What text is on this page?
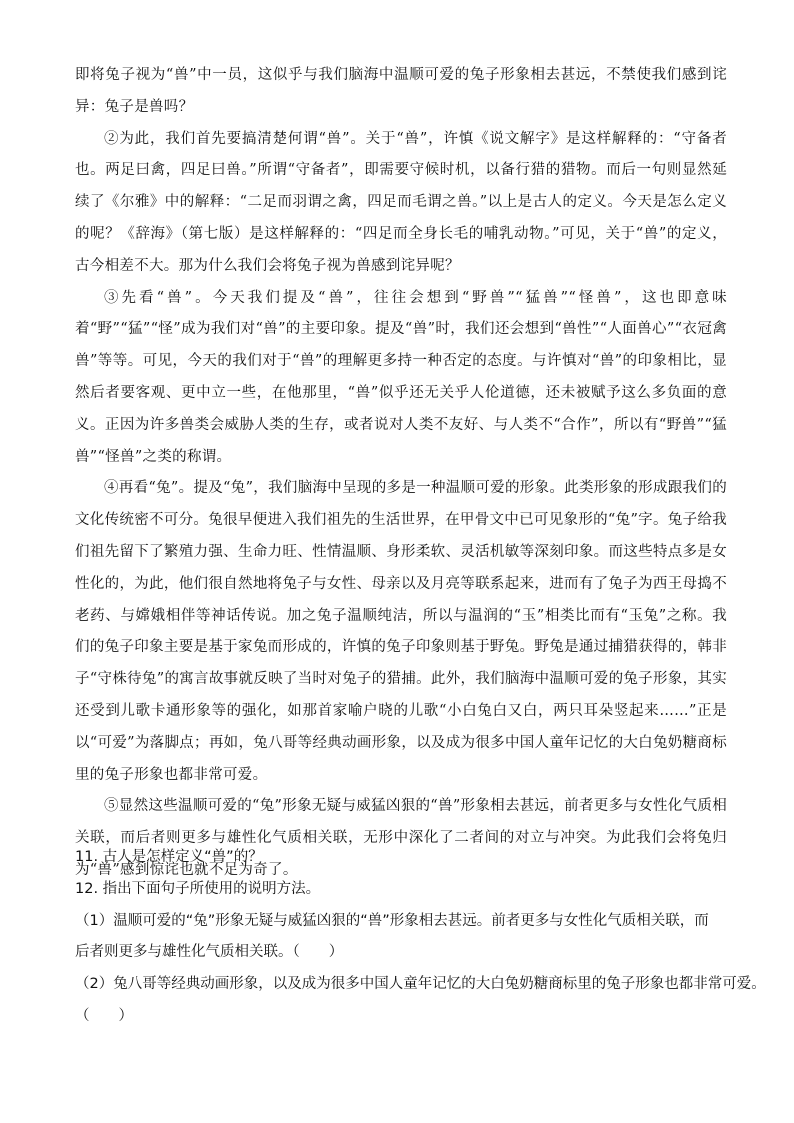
即将兔子视为“兽”中一员，这似乎与我们脑海中温顺可爱的兔子形象相去甚远，不禁使我们感到诧异：兔子是兽吗？

②为此，我们首先要搞清楚何谓“兽”。关于“兽”，许慎《说文解字》是这样解释的：“守备者也。两足曰禽，四足曰兽。”所谓“守备者”，即需要守候时机，以备行猎的猎物。而后一句则显然延续了《尔雅》中的解释：“二足而羽谓之禽，四足而毛谓之兽。”以上是古人的定义。今天是怎么定义的呢？《辞海》（第七版）是这样解释的：“四足而全身长毛的哺乳动物。”可见，关于“兽”的定义，古今相差不大。那为什么我们会将兔子视为兽感到诧异呢？

③先看“兽”。今天我们提及“兽”，往往会想到“野兽”“猛兽”“怪兽”，这也即意味着“野”“猛”“怪”成为我们对“兽”的主要印象。提及“兽”时，我们还会想到“兽性”“人面兽心”“衣冠禽兽”等等。可见，今天的我们对于“兽”的理解更多持一种否定的态度。与许慎对“兽”的印象相比，显然后者要客观、更中立一些，在他那里，“兽”似乎还无关乎人伦道德，还未被赋予这么多负面的意义。正因为许多兽类会威胁人类的生存，或者说对人类不友好、与人类不“合作”，所以有“野兽”“猛兽”“怪兽”之类的称谓。

④再看“兔”。提及“兔”，我们脑海中呈现的多是一种温顺可爱的形象。此类形象的形成跟我们的文化传统密不可分。兔很早便进入我们祖先的生活世界，在甲骨文中已可见象形的“兔”字。兔子给我们祖先留下了繁殖力强、生命力旺、性情温顺、身形柔软、灵活机敏等深刻印象。而这些特点多是女性化的，为此，他们很自然地将兔子与女性、母亲以及月亮等联系起来，进而有了兔子为西王母捣不老药、与嫦娥相伴等神话传说。加之兔子温顺纯洁，所以与温润的“玉”相类比而有“玉兔”之称。我们的兔子印象主要是基于家兔而形成的，许慎的兔子印象则基于野兔。野兔是通过捕猎获得的，韩非子“守株待兔”的寓言故事就反映了当时对兔子的猎捕。此外，我们脑海中温顺可爱的兔子形象，其实还受到儿歌卡通形象等的强化，如那首家喻户晓的儿歌“小白兔白又白，两只耳朵竖起来……”正是以“可爱”为落脚点；再如，兔八哥等经典动画形象，以及成为很多中国人童年记忆的大白兔奶糖商标里的兔子形象也都非常可爱。

⑤显然这些温顺可爱的“兔”形象无疑与威猛凶狠的“兽”形象相去甚远，前者更多与女性化气质相关联，而后者则更多与雄性化气质相关联，无形中深化了二者间的对立与冲突。为此我们会将兔归为“兽”感到惊诧也就不足为奇了。

11. 古人是怎样定义“兽”的？

12. 指出下面句子所使用的说明方法。

（1）温顺可爱的“兔”形象无疑与威猛凶狠的“兽”形象相去甚远。前者更多与女性化气质相关联，而后者则更多与雄性化气质相关联。（　　）

（2）兔八哥等经典动画形象，以及成为很多中国人童年记忆的大白兔奶糖商标里的兔子形象也都非常可爱。

（　　）
